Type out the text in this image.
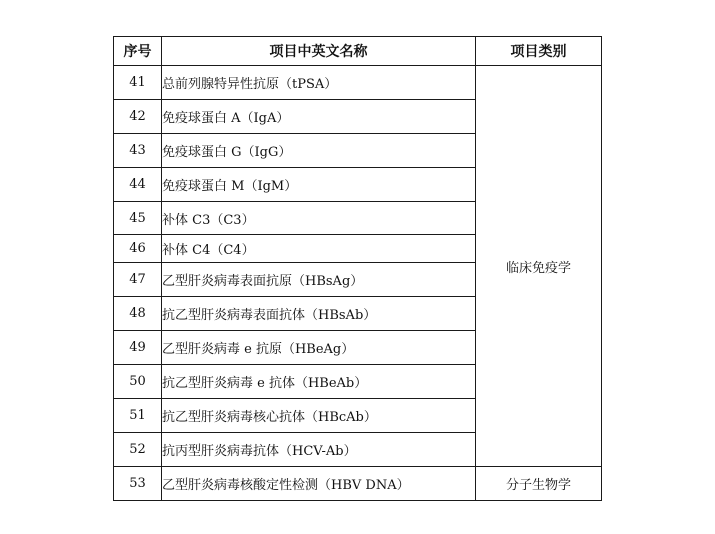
序号	项目中英文名称	项目类别
41	总前列腺特异性抗原（tPSA）	临床免疫学
42	免疫球蛋白 A（IgA）	
43	免疫球蛋白 G（IgG）	
44	免疫球蛋白 M（IgM）	
45	补体 C3（C3）	
46	补体 C4（C4）	
47	乙型肝炎病毒表面抗原（HBsAg）	
48	抗乙型肝炎病毒表面抗体（HBsAb）	
49	乙型肝炎病毒 e 抗原（HBeAg）	
50	抗乙型肝炎病毒 e 抗体（HBeAb）	
51	抗乙型肝炎病毒核心抗体（HBcAb）	
52	抗丙型肝炎病毒抗体（HCV-Ab）	
53	乙型肝炎病毒核酸定性检测（HBV DNA）	分子生物学
